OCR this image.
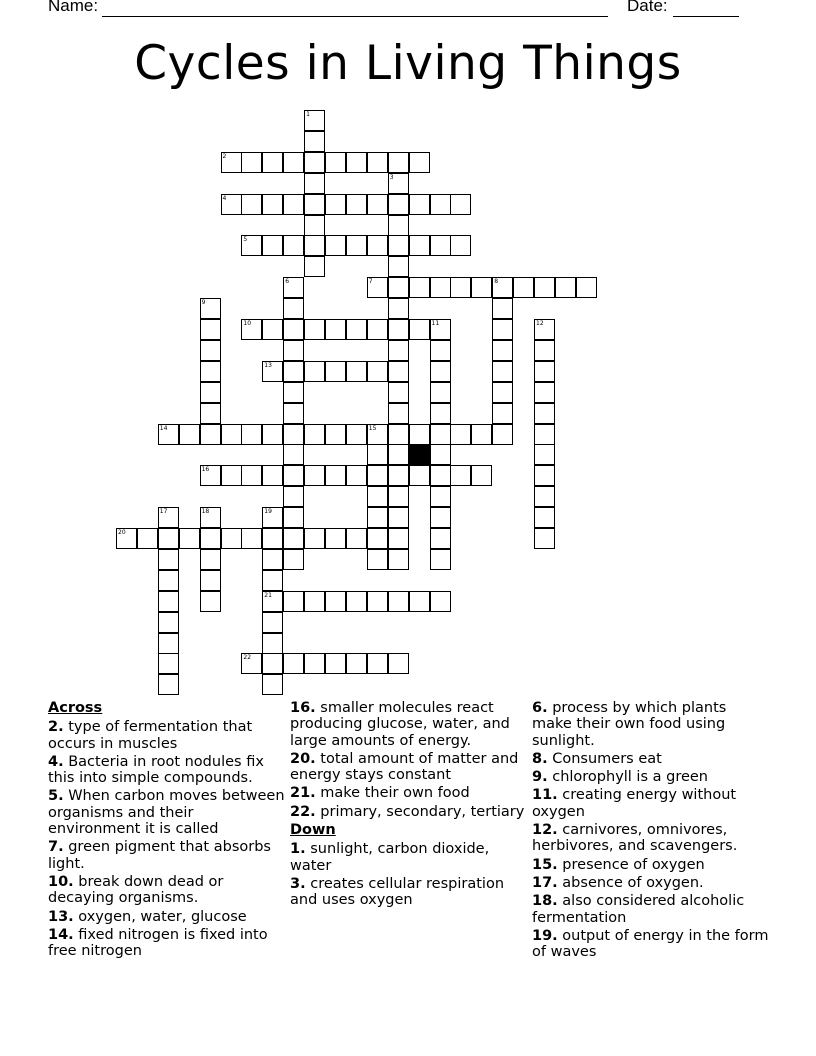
Name:	Date:
Cycles in Living Things
1
2
3
4
5
6	7	8
9
10	11	12
13
14	15
16
17	18	19
21
20
22
Across
2. type of fermentation that occurs in muscles
4. Bacteria in root nodules fix this into simple compounds.
5. When carbon moves between organisms and their environment it is called
7. green pigment that absorbs light.
10. break down dead or decaying organisms.
13. oxygen, water, glucose
14. fixed nitrogen is fixed into free nitrogen
16. smaller molecules react producing glucose, water, and large amounts of energy.
20. total amount of matter and energy stays constant
21. make their own food
22. primary, secondary, tertiary
Down
1. sunlight, carbon dioxide, water
3. creates cellular respiration and uses oxygen
6. process by which plants make their own food using sunlight.
8. Consumers eat
9. chlorophyll is a green
11. creating energy without oxygen
12. carnivores, omnivores, herbivores, and scavengers.
15. presence of oxygen
17. absence of oxygen.
18. also considered alcoholic fermentation
19. output of energy in the form of waves
